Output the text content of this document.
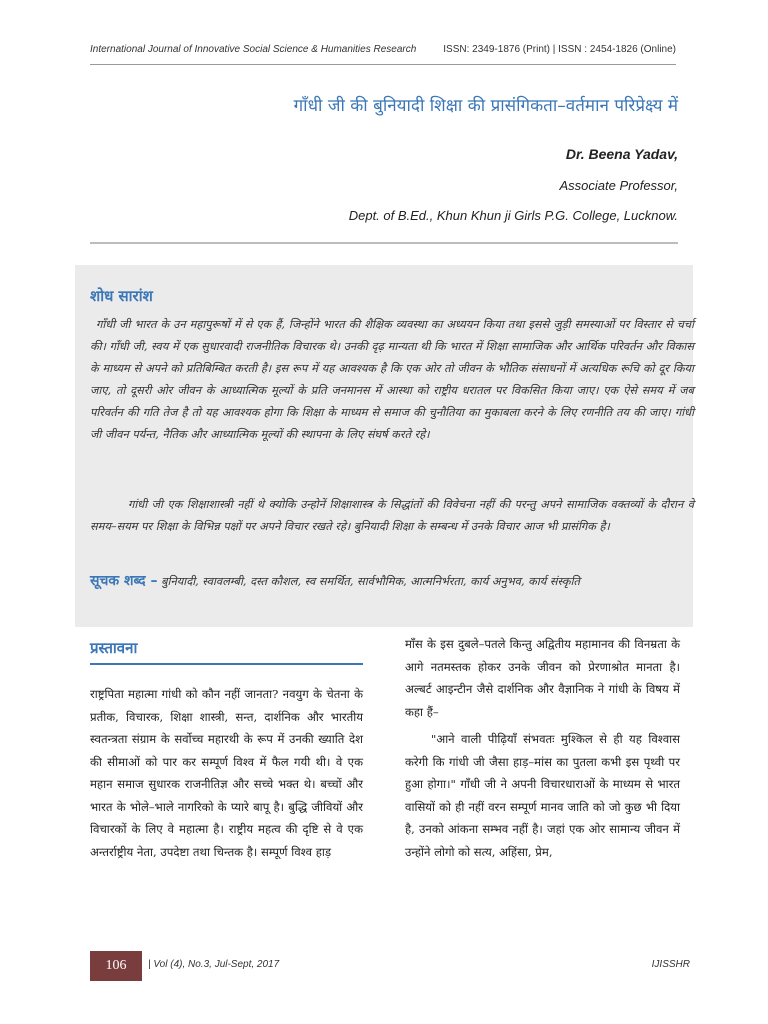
International Journal of Innovative Social Science & Humanities Research	ISSN: 2349-1876 (Print) | ISSN : 2454-1826 (Online)
गाँधी जी की बुनियादी शिक्षा की प्रासंगिकता–वर्तमान परिप्रेक्ष्य में
Dr. Beena Yadav,
Associate Professor,
Dept. of B.Ed., Khun Khun ji Girls P.G. College, Lucknow.
शोध सारांश
गाँधी जी भारत के उन महापुरूषों में से एक हैं, जिन्होंने भारत की शैक्षिक व्यवस्था का अध्ययन किया तथा इससे जुड़ी समस्याओं पर विस्तार से चर्चा की। गाँधी जी, स्वय में एक सुधारवादी राजनीतिक विचारक थे। उनकी दृढ़ मान्यता थी कि भारत में शिक्षा सामाजिक और आर्थिक परिवर्तन और विकास के माध्यम से अपने को प्रतिबिम्बित करती है। इस रूप में यह आवश्यक है कि एक ओर तो जीवन के भौतिक संसाधनों में अत्यधिक रूचि को दूर किया जाए, तो दूसरी ओर जीवन के आध्यात्मिक मूल्यों के प्रति जनमानस में आस्था को राष्ट्रीय धरातल पर विकसित किया जाए। एक ऐसे समय में जब परिवर्तन की गति तेज है तो यह आवश्यक होगा कि शिक्षा के माध्यम से समाज की चुनौतिया का मुकाबला करने के लिए रणनीति तय की जाए। गांधी जी जीवन पर्यन्त, नैतिक और आध्यात्मिक मूल्यों की स्थापना के लिए संघर्ष करते रहे।
गांधी जी एक शिक्षाशास्त्री नहीं थे क्योकि उन्होनें शिक्षाशास्त्र के सिद्धांतों की विवेचना नहीं की परन्तु अपने सामाजिक वक्तव्यों के दौरान वे समय–सयम पर शिक्षा के विभिन्न पक्षों पर अपने विचार रखते रहे। बुनियादी शिक्षा के सम्बन्ध में उनके विचार आज भी प्रासंगिक है।
सूचक शब्द – बुनियादी, स्वावलम्बी, दस्त कौशल, स्व समर्थित, सार्वभौमिक, आत्मनिर्भरता, कार्य अनुभव, कार्य संस्कृति
प्रस्तावना

राष्ट्रपिता महात्मा गांधी को कौन नहीं जानता? नवयुग के चेतना के प्रतीक, विचारक, शिक्षा शास्त्री, सन्त, दार्शनिक और भारतीय स्वतन्त्रता संग्राम के सर्वोच्च महारथी के रूप में उनकी ख्याति देश की सीमाओं को पार कर सम्पूर्ण विश्व में फैल गयी थी। वे एक महान समाज सुधारक राजनीतिज्ञ और सच्चे भक्त थे। बच्चों और भारत के भोले–भाले नागरिको के प्यारे बापू है। बुद्धि जीवियों और विचारकों के लिए वे महात्मा है। राष्ट्रीय महत्व की दृष्टि से वे एक अन्तर्राष्ट्रीय नेता, उपदेष्टा तथा चिन्तक है। सम्पूर्ण विश्व हाड़

माँस के इस दुबले–पतले किन्तु अद्वितीय महामानव की विनम्रता के आगे नतमस्तक होकर उनके जीवन को प्रेरणाश्रोत मानता है। अल्बर्ट आइन्टीन जैसे दार्शनिक और वैज्ञानिक ने गांधी के विषय में कहा हैं–

"आने वाली पीढ़ियाँ संभवतः मुश्किल से ही यह विश्वास करेगी कि गांधी जी जैसा हाड़–मांस का पुतला कभी इस पृथ्वी पर हुआ होगा।" गाँधी जी ने अपनी विचारधाराओं के माध्यम से भारत वासियों को ही नहीं वरन सम्पूर्ण मानव जाति को जो कुछ भी दिया है, उनको आंकना सम्भव नहीं है। जहां एक ओर सामान्य जीवन में उन्होंने लोगो को सत्य, अहिंसा, प्रेम,

106	| Vol (4), No.3, Jul-Sept, 2017	IJISSHR
